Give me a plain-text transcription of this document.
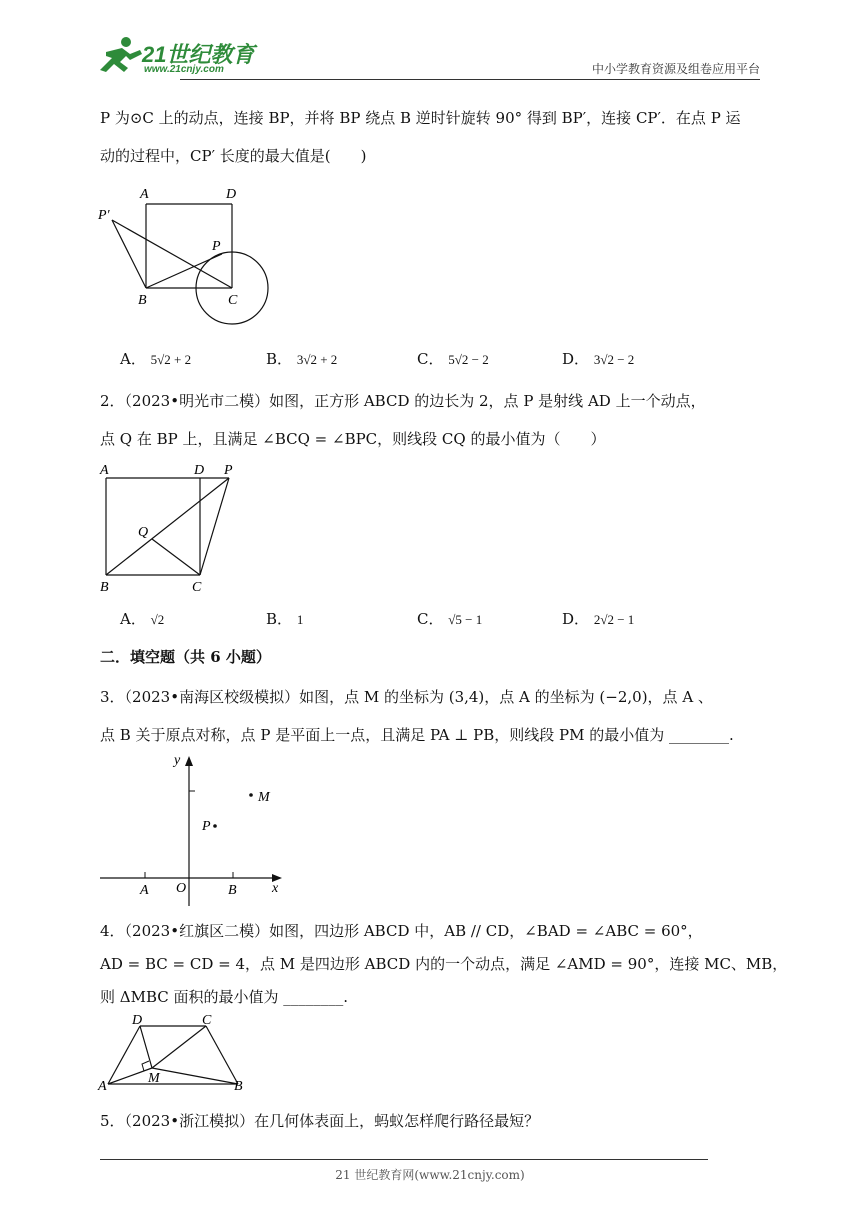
21世纪教育
www.21cnjy.com	中小学教育资源及组卷应用平台
P 为⊙C 上的动点，连接 BP，并将 BP 绕点 B 逆时针旋转 90° 得到 BP′，连接 CP′．在点 P 运
动的过程中，CP′ 长度的最大值是(　　)
A	D
P′
P
B	C
A． 5√2 + 2	B． 3√2 + 2	C． 5√2 − 2	D． 3√2 − 2
2．（2023•明光市二模）如图，正方形 ABCD 的边长为 2，点 P 是射线 AD 上一个动点，
点 Q 在 BP 上，且满足 ∠BCQ = ∠BPC，则线段 CQ 的最小值为（　　）
A	D P
Q
B	C
A． √2	B． 1	C． √5 − 1	D． 2√2 − 1
二．填空题（共 6 小题）
3．（2023•南海区校级模拟）如图，点 M 的坐标为 (3,4)，点 A 的坐标为 (−2,0)，点 A 、
点 B 关于原点对称，点 P 是平面上一点，且满足 PA ⊥ PB，则线段 PM 的最小值为 ________.
y
M
P
A O	B	x
4．（2023•红旗区二模）如图，四边形 ABCD 中，AB // CD，∠BAD = ∠ABC = 60°，
AD = BC = CD = 4，点 M 是四边形 ABCD 内的一个动点，满足 ∠AMD = 90°，连接 MC、MB，
则 ΔMBC 面积的最小值为 ________.
D	C
A
M
B
5．（2023•浙江模拟）在几何体表面上，蚂蚁怎样爬行路径最短？
21 世纪教育网(www.21cnjy.com)
